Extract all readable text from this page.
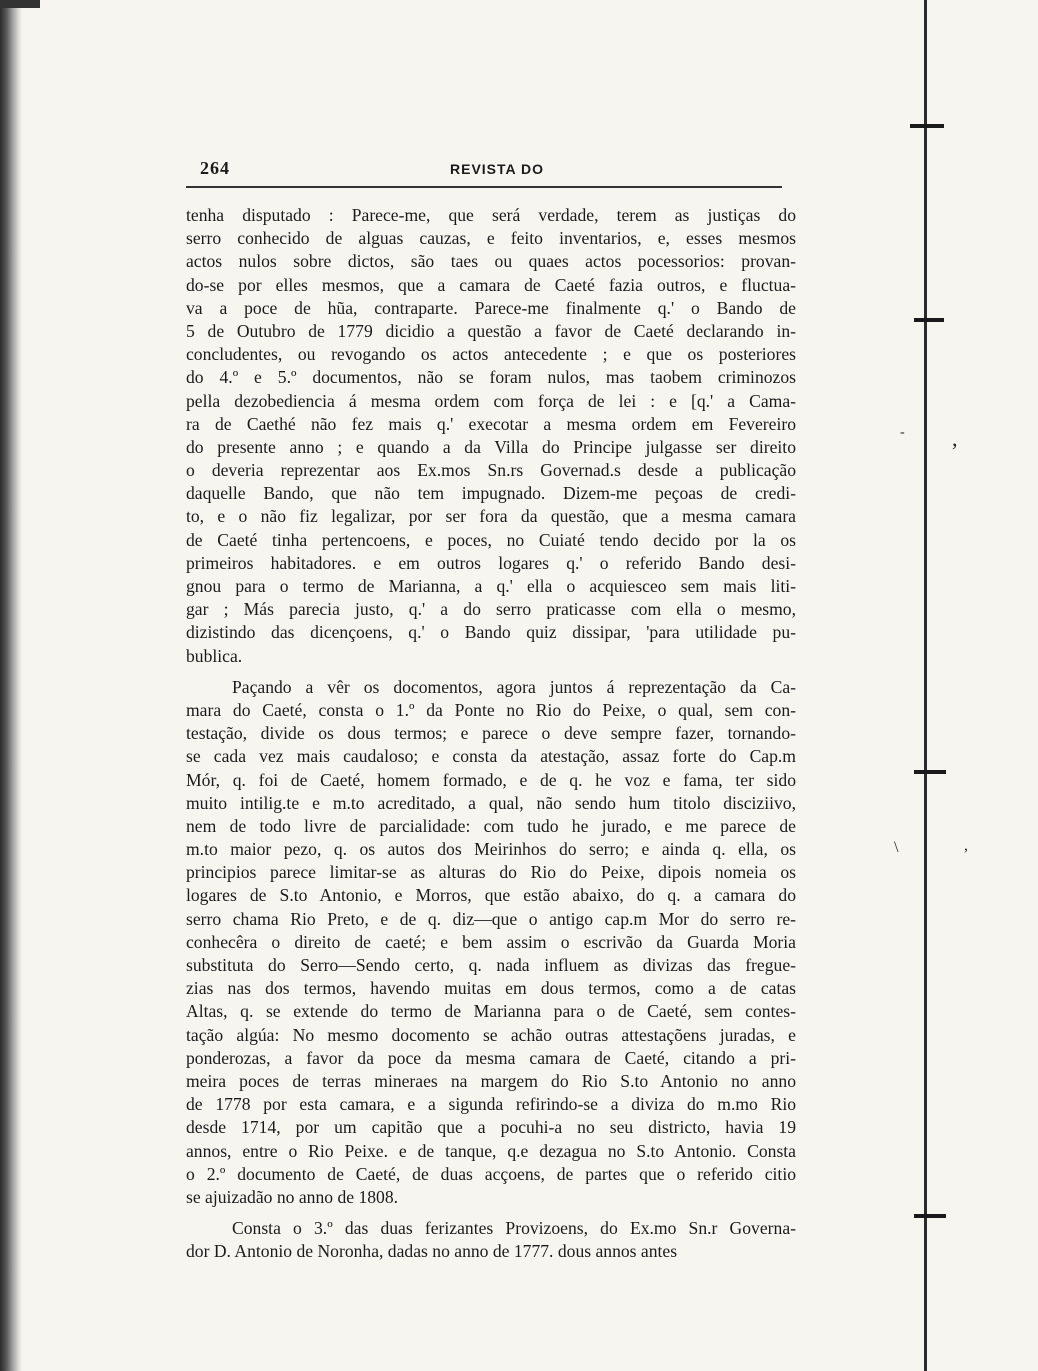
,
-
,
\
264	REVISTA DO
tenha disputado : Parece-me, que será verdade, terem as justiças do
serro conhecido de alguas cauzas, e feito inventarios, e, esses mesmos
actos nulos sobre dictos, são taes ou quaes actos pocessorios: provan-
do-se por elles mesmos, que a camara de Caeté fazia outros, e fluctua-
va a poce de hũa, contraparte. Parece-me finalmente q.' o Bando de
5 de Outubro de 1779 dicidio a questão a favor de Caeté declarando in-
concludentes, ou revogando os actos antecedente ; e que os posteriores
do 4.º e 5.º documentos, não se foram nulos, mas taobem criminozos
pella dezobediencia á mesma ordem com força de lei : e [q.' a Cama-
ra de Caethé não fez mais q.' execotar a mesma ordem em Fevereiro
do presente anno ; e quando a da Villa do Principe julgasse ser direito
o deveria reprezentar aos Ex.mos Sn.rs Governad.s desde a publicação
daquelle Bando, que não tem impugnado. Dizem-me peçoas de credi-
to, e o não fiz legalizar, por ser fora da questão, que a mesma camara
de Caeté tinha pertencoens, e poces, no Cuiaté tendo decido por la os
primeiros habitadores. e em outros logares q.' o referido Bando desi-
gnou para o termo de Marianna, a q.' ella o acquiesceo sem mais liti-
gar ; Más parecia justo, q.' a do serro praticasse com ella o mesmo,
dizistindo das dicençoens, q.' o Bando quiz dissipar, 'para utilidade pu-
bublica.
Paçando a vêr os docomentos, agora juntos á reprezentação da Ca-
mara do Caeté, consta o 1.º da Ponte no Rio do Peixe, o qual, sem con-
testação, divide os dous termos; e parece o deve sempre fazer, tornando-
se cada vez mais caudaloso; e consta da atestação, assaz forte do Cap.m
Mór, q. foi de Caeté, homem formado, e de q. he voz e fama, ter sido
muito intilig.te e m.to acreditado, a qual, não sendo hum titolo disciziivo,
nem de todo livre de parcialidade: com tudo he jurado, e me parece de
m.to maior pezo, q. os autos dos Meirinhos do serro; e ainda q. ella, os
principios parece limitar-se as alturas do Rio do Peixe, dipois nomeia os
logares de S.to Antonio, e Morros, que estão abaixo, do q. a camara do
serro chama Rio Preto, e de q. diz—que o antigo cap.m Mor do serro re-
conhecêra o direito de caeté; e bem assim o escrivão da Guarda Moria
substituta do Serro—Sendo certo, q. nada influem as divizas das fregue-
zias nas dos termos, havendo muitas em dous termos, como a de catas
Altas, q. se extende do termo de Marianna para o de Caeté, sem contes-
tação algúa: No mesmo docomento se achão outras attestaçõens juradas, e
ponderozas, a favor da poce da mesma camara de Caeté, citando a pri-
meira poces de terras mineraes na margem do Rio S.to Antonio no anno
de 1778 por esta camara, e a sigunda refirindo-se a diviza do m.mo Rio
desde 1714, por um capitão que a pocuhi-a no seu districto, havia 19
annos, entre o Rio Peixe. e de tanque, q.e dezagua no S.to Antonio. Consta
o 2.º documento de Caeté, de duas acçoens, de partes que o referido citio
se ajuizadão no anno de 1808.
Consta o 3.º das duas ferizantes Provizoens, do Ex.mo Sn.r Governa-
dor D. Antonio de Noronha, dadas no anno de 1777. dous annos antes
